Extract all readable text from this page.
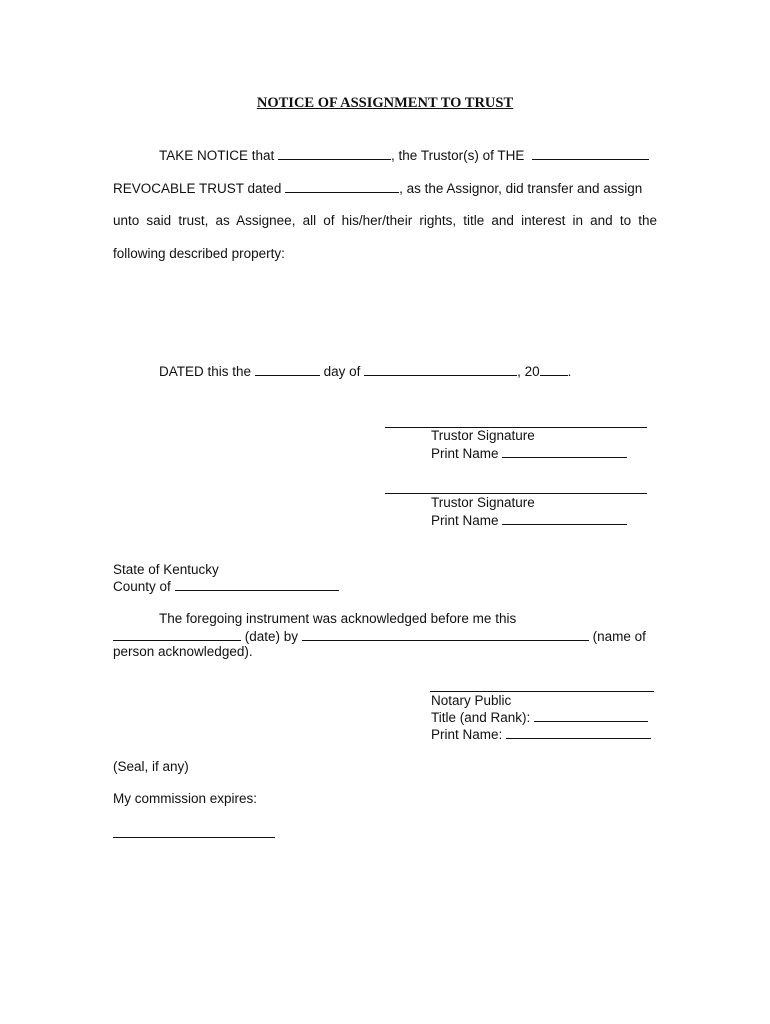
NOTICE OF ASSIGNMENT TO TRUST
TAKE NOTICE that	, the Trustor(s) of THE
REVOCABLE TRUST dated	, as the Assignor, did transfer and assign
unto said trust, as Assignee, all of his/her/their rights, title and interest in and to the
following described property:
DATED this the	day of	, 20 .
Trustor Signature
Print Name
Trustor Signature
Print Name
State of Kentucky
County of
The foregoing instrument was acknowledged before me this
(date) by	(name of
person acknowledged).
Notary Public
Title (and Rank):
Print Name:
(Seal, if any)
My commission expires:
